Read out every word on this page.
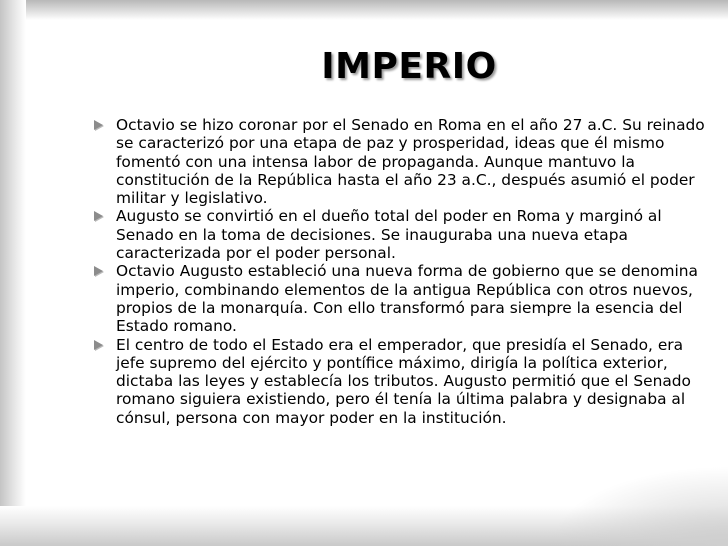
IMPERIO
Octavio se hizo coronar por el Senado en Roma en el año 27 a.C. Su reinado se caracterizó por una etapa de paz y prosperidad, ideas que él mismo fomentó con una intensa labor de propaganda. Aunque mantuvo la constitución de la República hasta el año 23 a.C., después asumió el poder militar y legislativo.
Augusto se convirtió en el dueño total del poder en Roma y marginó al Senado en la toma de decisiones. Se inauguraba una nueva etapa caracterizada por el poder personal.
Octavio Augusto estableció una nueva forma de gobierno que se denomina imperio, combinando elementos de la antigua República con otros nuevos, propios de la monarquía. Con ello transformó para siempre la esencia del Estado romano.
El centro de todo el Estado era el emperador, que presidía el Senado, era jefe supremo del ejército y pontífice máximo, dirigía la política exterior, dictaba las leyes y establecía los tributos. Augusto permitió que el Senado romano siguiera existiendo, pero él tenía la última palabra y designaba al cónsul, persona con mayor poder en la institución.
